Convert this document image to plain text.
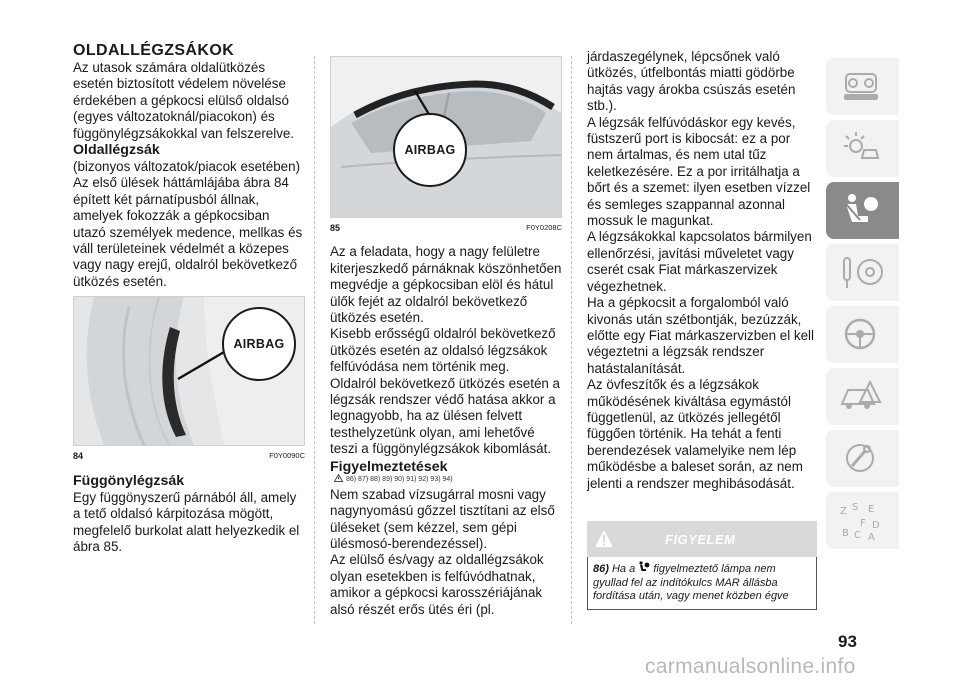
OLDALLÉGZSÁKOK

Az utasok számára oldalütközés esetén biztosított védelem növelése érdekében a gépkocsi elülső oldalsó (egyes változatoknál/piacokon) és függönylégzsákokkal van felszerelve.

Oldallégzsák

(bizonyos változatok/piacok esetében) Az első ülések háttámlájába ábra 84 épített két párnatípusból állnak, amelyek fokozzák a gépkocsiban utazó személyek medence, mellkas és váll területeinek védelmét a közepes vagy nagy erejű, oldalról bekövetkező ütközés esetén.

AIRBAG
84	F0Y0090C

Függönylégzsák

Egy függönyszerű párnából áll, amely a tető oldalsó kárpitozása mögött, megfelelő burkolat alatt helyezkedik el ábra 85.

AIRBAG
85	F0Y0208C

Az a feladata, hogy a nagy felületre kiterjeszkedő párnáknak köszönhetően megvédje a gépkocsiban elöl és hátul ülők fejét az oldalról bekövetkező ütközés esetén.

Kisebb erősségű oldalról bekövetkező ütközés esetén az oldalsó légzsákok felfúvódása nem történik meg.

Oldalról bekövetkező ütközés esetén a légzsák rendszer védő hatása akkor a legnagyobb, ha az ülésen felvett testhelyzetünk olyan, ami lehetővé teszi a függönylégzsákok kibomlását.

Figyelmeztetések

86) 87) 88) 89) 90) 91) 92) 93) 94)

Nem szabad vízsugárral mosni vagy nagynyomású gőzzel tisztítani az első üléseket (sem kézzel, sem gépi ülésmosó-berendezéssel).

Az elülső és/vagy az oldallégzsákok olyan esetekben is felfúvódhatnak, amikor a gépkocsi karosszériájának alsó részét erős ütés éri (pl.

járdaszegélynek, lépcsőnek való ütközés, útfelbontás miatti gödörbe hajtás vagy árokba csúszás esetén stb.).

A légzsák felfúvódáskor egy kevés, füstszerű port is kibocsát: ez a por nem ártalmas, és nem utal tűz keletkezésére. Ez a por irritálhatja a bőrt és a szemet: ilyen esetben vízzel és semleges szappannal azonnal mossuk le magunkat.

A légzsákokkal kapcsolatos bármilyen ellenőrzési, javítási műveletet vagy cserét csak Fiat márkaszervizek végezhetnek.

Ha a gépkocsit a forgalomból való kivonás után szétbontják, bezúzzák, előtte egy Fiat márkaszervizben el kell végeztetni a légzsák rendszer hatástalanítását.

Az övfeszítők és a légzsákok működésének kiváltása egymástól függetlenül, az ütközés jellegétől függően történik. Ha tehát a fenti berendezések valamelyike nem lép működésbe a baleset során, az nem jelenti a rendszer meghibásodását.

FIGYELEM
86) Ha a figyelmeztető lámpa nem gyullad fel az indítókulcs MAR állásba fordítása után, vagy menet közben égve
Z S E
F D
B C A
93
carmanualsonline.info
